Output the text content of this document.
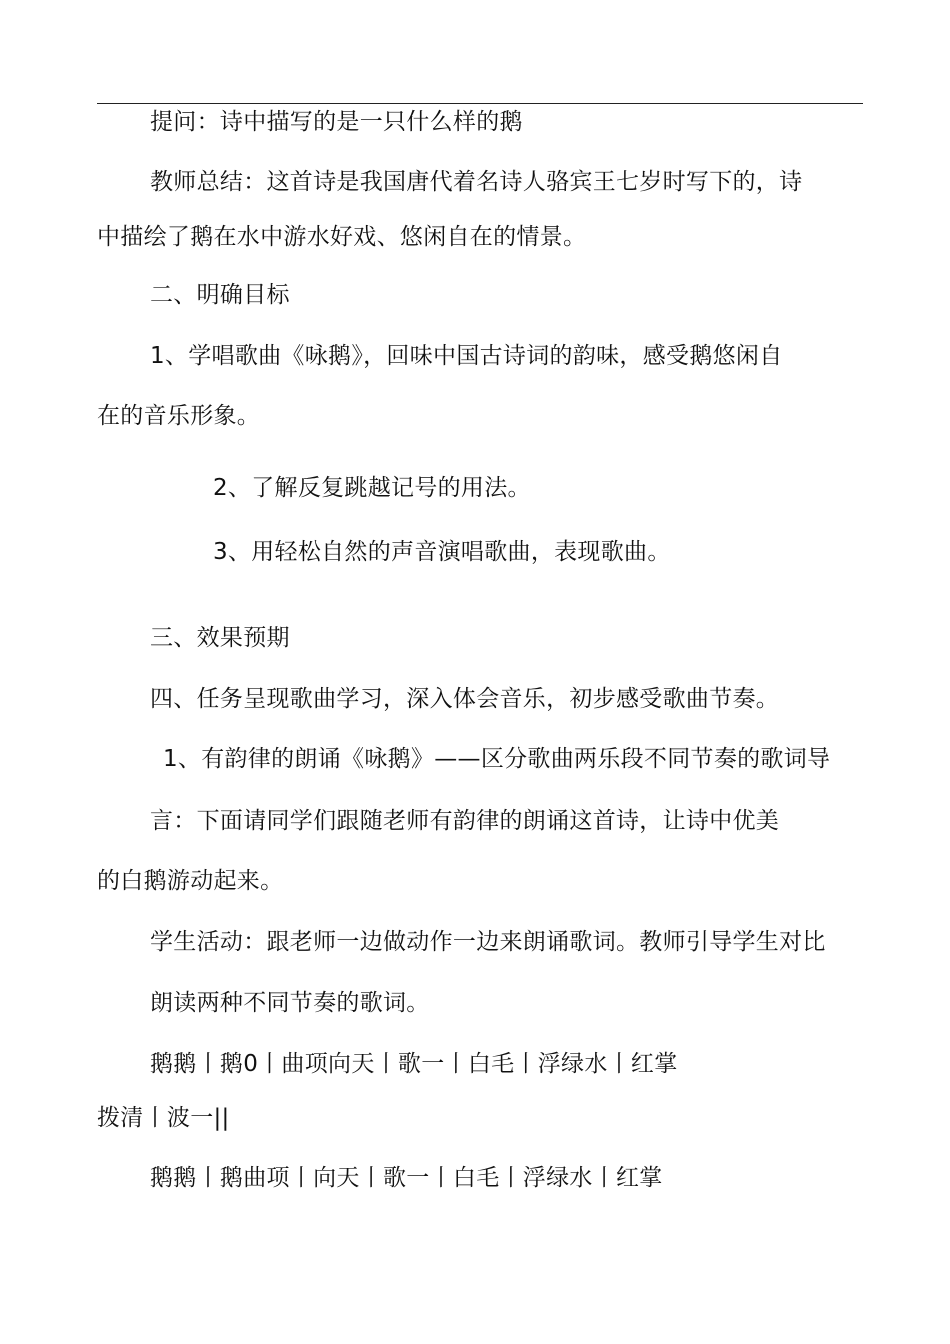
提问：诗中描写的是一只什么样的鹅
教师总结：这首诗是我国唐代着名诗人骆宾王七岁时写下的，诗
中描绘了鹅在水中游水好戏、悠闲自在的情景。
二、明确目标
1、学唱歌曲《咏鹅》，回味中国古诗词的韵味，感受鹅悠闲自
在的音乐形象。
2、了解反复跳越记号的用法。
3、用轻松自然的声音演唱歌曲，表现歌曲。
三、效果预期
四、任务呈现歌曲学习，深入体会音乐，初步感受歌曲节奏。
1、有韵律的朗诵《咏鹅》——区分歌曲两乐段不同节奏的歌词导
言：下面请同学们跟随老师有韵律的朗诵这首诗，让诗中优美
的白鹅游动起来。
学生活动：跟老师一边做动作一边来朗诵歌词。教师引导学生对比
朗读两种不同节奏的歌词。
鹅鹅丨鹅0丨曲项向天丨歌一丨白毛丨浮绿水丨红掌
拨清丨波一||
鹅鹅丨鹅曲项丨向天丨歌一丨白毛丨浮绿水丨红掌
